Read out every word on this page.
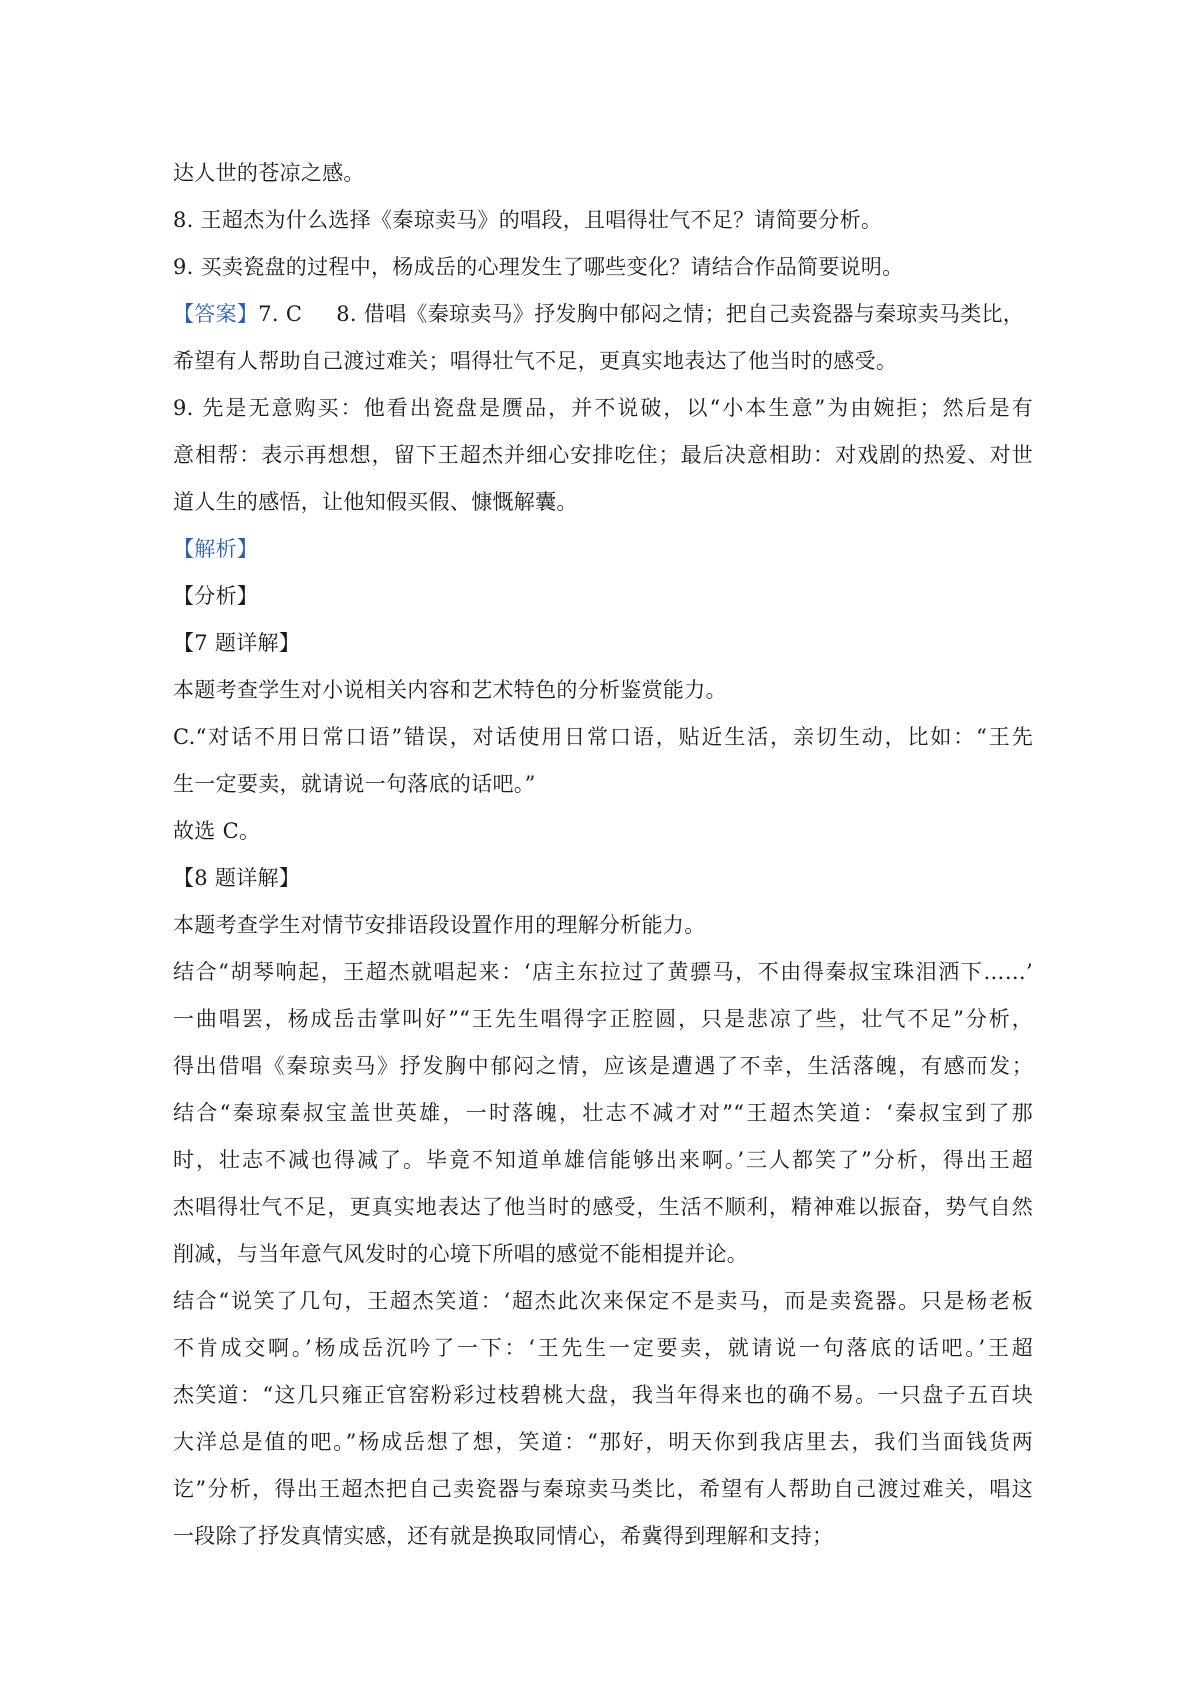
达人世的苍凉之感。

8. 王超杰为什么选择《秦琼卖马》的唱段，且唱得壮气不足？请简要分析。

9. 买卖瓷盘的过程中，杨成岳的心理发生了哪些变化？请结合作品简要说明。

【答案】7. C 8. 借唱《秦琼卖马》抒发胸中郁闷之情；把自己卖瓷器与秦琼卖马类比，

希望有人帮助自己渡过难关；唱得壮气不足，更真实地表达了他当时的感受。

9. 先是无意购买：他看出瓷盘是赝品，并不说破，以“小本生意”为由婉拒；然后是有

意相帮：表示再想想，留下王超杰并细心安排吃住；最后决意相助：对戏剧的热爱、对世

道人生的感悟，让他知假买假、慷慨解囊。

【解析】

【分析】

【7 题详解】

本题考查学生对小说相关内容和艺术特色的分析鉴赏能力。

C.“对话不用日常口语”错误，对话使用日常口语，贴近生活，亲切生动，比如：“王先

生一定要卖，就请说一句落底的话吧。”

故选 C。

【8 题详解】

本题考查学生对情节安排语段设置作用的理解分析能力。

结合“胡琴响起，王超杰就唱起来：‘店主东拉过了黄骠马，不由得秦叔宝珠泪洒下……’

一曲唱罢，杨成岳击掌叫好”“王先生唱得字正腔圆，只是悲凉了些，壮气不足”分析，

得出借唱《秦琼卖马》抒发胸中郁闷之情，应该是遭遇了不幸，生活落魄，有感而发；

结合“秦琼秦叔宝盖世英雄，一时落魄，壮志不减才对”“王超杰笑道：‘秦叔宝到了那

时，壮志不减也得减了。毕竟不知道单雄信能够出来啊。’三人都笑了”分析，得出王超

杰唱得壮气不足，更真实地表达了他当时的感受，生活不顺利，精神难以振奋，势气自然

削减，与当年意气风发时的心境下所唱的感觉不能相提并论。

结合“说笑了几句，王超杰笑道：‘超杰此次来保定不是卖马，而是卖瓷器。只是杨老板

不肯成交啊。’杨成岳沉吟了一下：‘王先生一定要卖，就请说一句落底的话吧。’王超

杰笑道：“这几只雍正官窑粉彩过枝碧桃大盘，我当年得来也的确不易。一只盘子五百块

大洋总是值的吧。”杨成岳想了想，笑道：“那好，明天你到我店里去，我们当面钱货两

讫”分析，得出王超杰把自己卖瓷器与秦琼卖马类比，希望有人帮助自己渡过难关，唱这

一段除了抒发真情实感，还有就是换取同情心，希冀得到理解和支持；
